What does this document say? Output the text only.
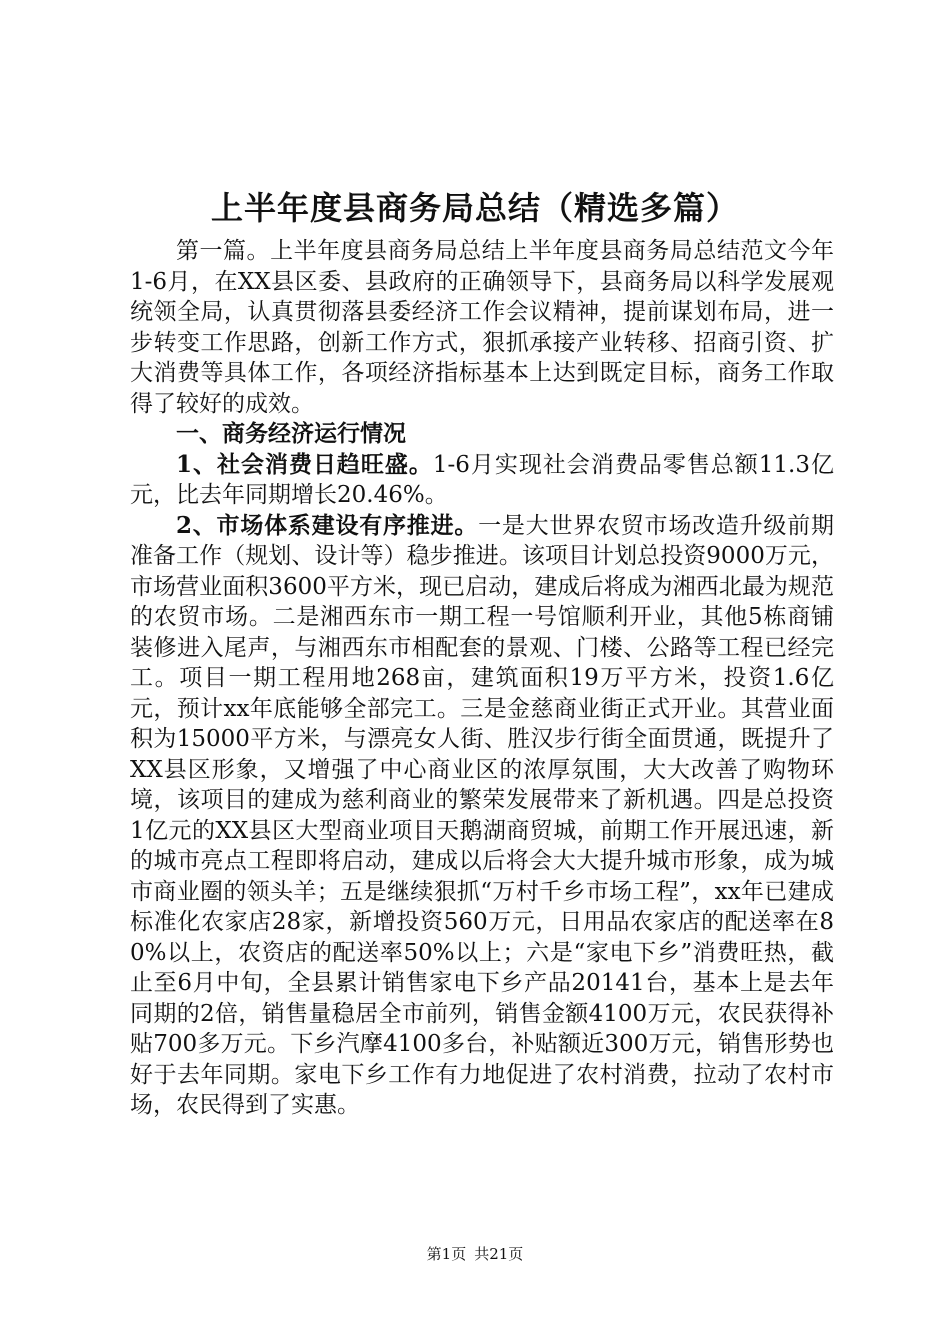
上半年度县商务局总结（精选多篇）

第一篇。上半年度县商务局总结上半年度县商务局总结范文今年1-6月，在XX县区委、县政府的正确领导下，县商务局以科学发展观统领全局，认真贯彻落县委经济工作会议精神，提前谋划布局，进一步转变工作思路，创新工作方式，狠抓承接产业转移、招商引资、扩大消费等具体工作，各项经济指标基本上达到既定目标，商务工作取得了较好的成效。

一、商务经济运行情况

1、社会消费日趋旺盛。1-6月实现社会消费品零售总额11.3亿元，比去年同期增长20.46%。

2、市场体系建设有序推进。一是大世界农贸市场改造升级前期准备工作（规划、设计等）稳步推进。该项目计划总投资9000万元，市场营业面积3600平方米，现已启动，建成后将成为湘西北最为规范的农贸市场。二是湘西东市一期工程一号馆顺利开业，其他5栋商铺装修进入尾声，与湘西东市相配套的景观、门楼、公路等工程已经完工。项目一期工程用地268亩，建筑面积19万平方米，投资1.6亿元，预计xx年底能够全部完工。三是金慈商业街正式开业。其营业面积为15000平方米，与漂亮女人街、胜汉步行街全面贯通，既提升了XX县区形象，又增强了中心商业区的浓厚氛围，大大改善了购物环境，该项目的建成为慈利商业的繁荣发展带来了新机遇。四是总投资1亿元的XX县区大型商业项目天鹅湖商贸城，前期工作开展迅速，新的城市亮点工程即将启动，建成以后将会大大提升城市形象，成为城市商业圈的领头羊；五是继续狠抓“万村千乡市场工程”，xx年已建成标准化农家店28家，新增投资560万元，日用品农家店的配送率在80%以上，农资店的配送率50%以上；六是“家电下乡”消费旺热，截止至6月中旬，全县累计销售家电下乡产品20141台，基本上是去年同期的2倍，销售量稳居全市前列，销售金额4100万元，农民获得补贴700多万元。下乡汽摩4100多台，补贴额近300万元，销售形势也好于去年同期。家电下乡工作有力地促进了农村消费，拉动了农村市场，农民得到了实惠。

第1页 共21页
